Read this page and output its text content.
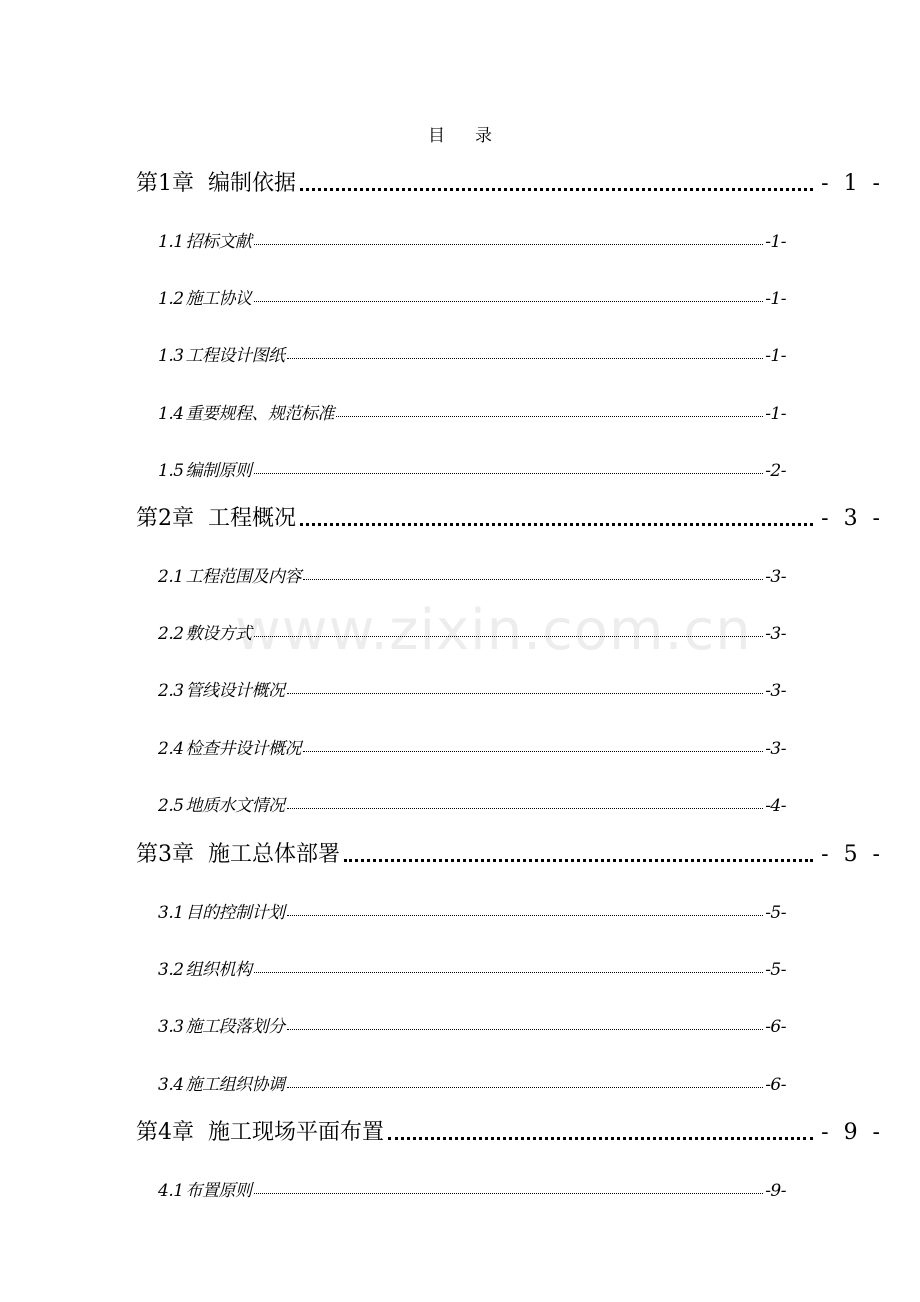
www.zixin.com.cn
目 录
第1章 编制依据	- 1 -
1.1 招标文献	-1-
1.2 施工协议	-1-
1.3 工程设计图纸	-1-
1.4 重要规程、规范标准	-1-
1.5 编制原则	-2-
第2章 工程概况	- 3 -
2.1 工程范围及内容	-3-
2.2 敷设方式	-3-
2.3 管线设计概况	-3-
2.4 检查井设计概况	-3-
2.5 地质水文情况	-4-
第3章 施工总体部署	- 5 -
3.1 目的控制计划	-5-
3.2 组织机构	-5-
3.3 施工段落划分	-6-
3.4 施工组织协调	-6-
第4章 施工现场平面布置	- 9 -
4.1 布置原则	-9-
